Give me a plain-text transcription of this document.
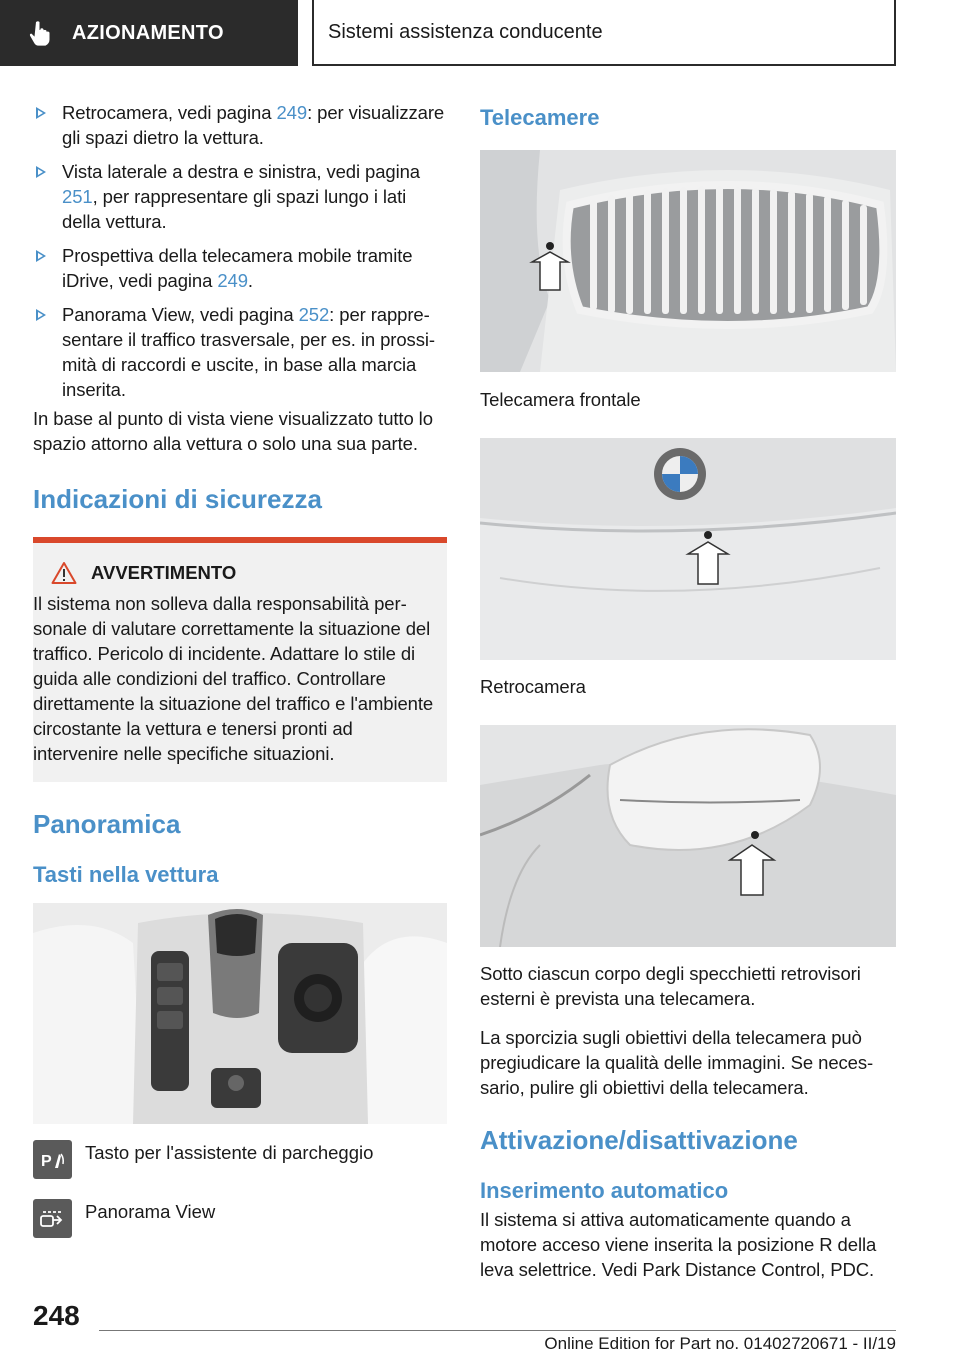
AZIONAMENTO	Sistemi assistenza conducente
Retrocamera, vedi pagina 249: per visualizzare gli spazi dietro la vettura.
Vista laterale a destra e sinistra, vedi pagina 251, per rappresentare gli spazi lungo i lati della vettura.
Prospettiva della telecamera mobile tramite iDrive, vedi pagina 249.
Panorama View, vedi pagina 252: per rappresentare il traffico trasversale, per es. in prossimità di raccordi e uscite, in base alla marcia inserita.

In base al punto di vista viene visualizzato tutto lo spazio attorno alla vettura o solo una sua parte.

Indicazioni di sicurezza
AVVERTIMENTO

Il sistema non solleva dalla responsabilità personale di valutare correttamente la situazione del traffico. Pericolo di incidente. Adattare lo stile di guida alle condizioni del traffico. Controllare direttamente la situazione del traffico e l'ambiente circostante la vettura e tenersi pronti ad intervenire nelle specifiche situazioni.

Panoramica
Tasti nella vettura
P Tasto per l'assistente di parcheggio
Panorama View
Telecamere

Telecamera frontale

Retrocamera

Sotto ciascun corpo degli specchietti retrovisori esterni è prevista una telecamera.

La sporcizia sugli obiettivi della telecamera può pregiudicare la qualità delle immagini. Se necessario, pulire gli obiettivi della telecamera.

Attivazione/disattivazione
Inserimento automatico

Il sistema si attiva automaticamente quando a motore acceso viene inserita la posizione R della leva selettrice. Vedi Park Distance Control, PDC.

248
Online Edition for Part no. 01402720671 - II/19
